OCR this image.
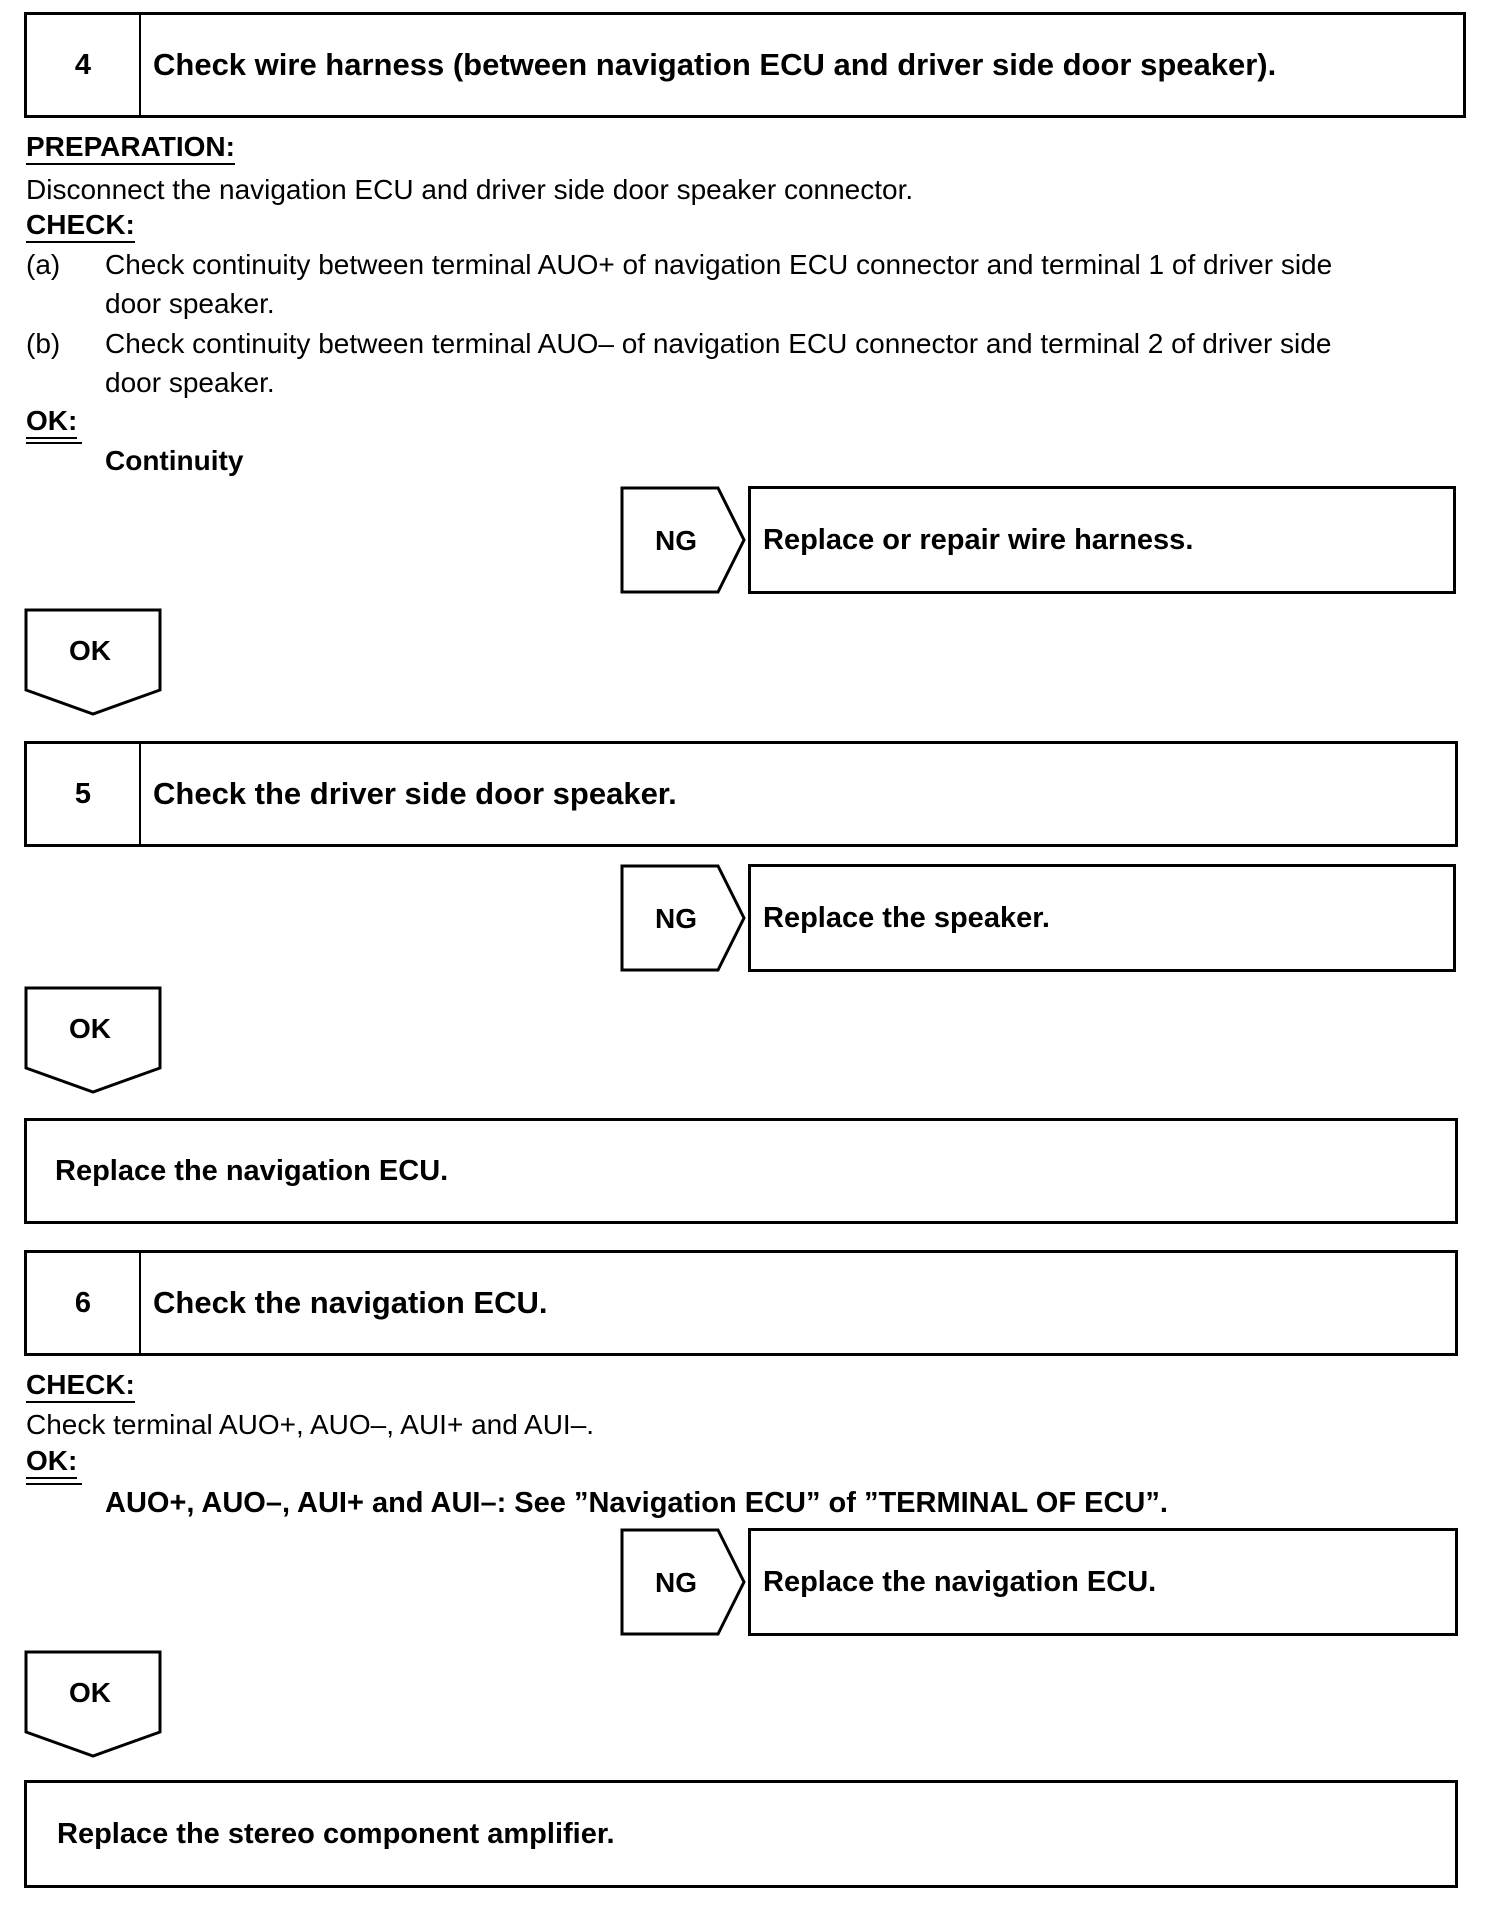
4	Check wire harness (between navigation ECU and driver side door speaker).
PREPARATION:
Disconnect the navigation ECU and driver side door speaker connector.
CHECK:
(a) Check continuity between terminal AUO+ of navigation ECU connector and terminal 1 of driver side
door speaker.
(b) Check continuity between terminal AUO– of navigation ECU connector and terminal 2 of driver side
door speaker.
OK:
Continuity
NG	Replace or repair wire harness.
OK
5	Check the driver side door speaker.
NG	Replace the speaker.
OK
Replace the navigation ECU.
6	Check the navigation ECU.
CHECK:
Check terminal AUO+, AUO–, AUI+ and AUI–.
OK:
AUO+, AUO–, AUI+ and AUI–: See ”Navigation ECU” of ”TERMINAL OF ECU”.
NG	Replace the navigation ECU.
OK
Replace the stereo component amplifier.
